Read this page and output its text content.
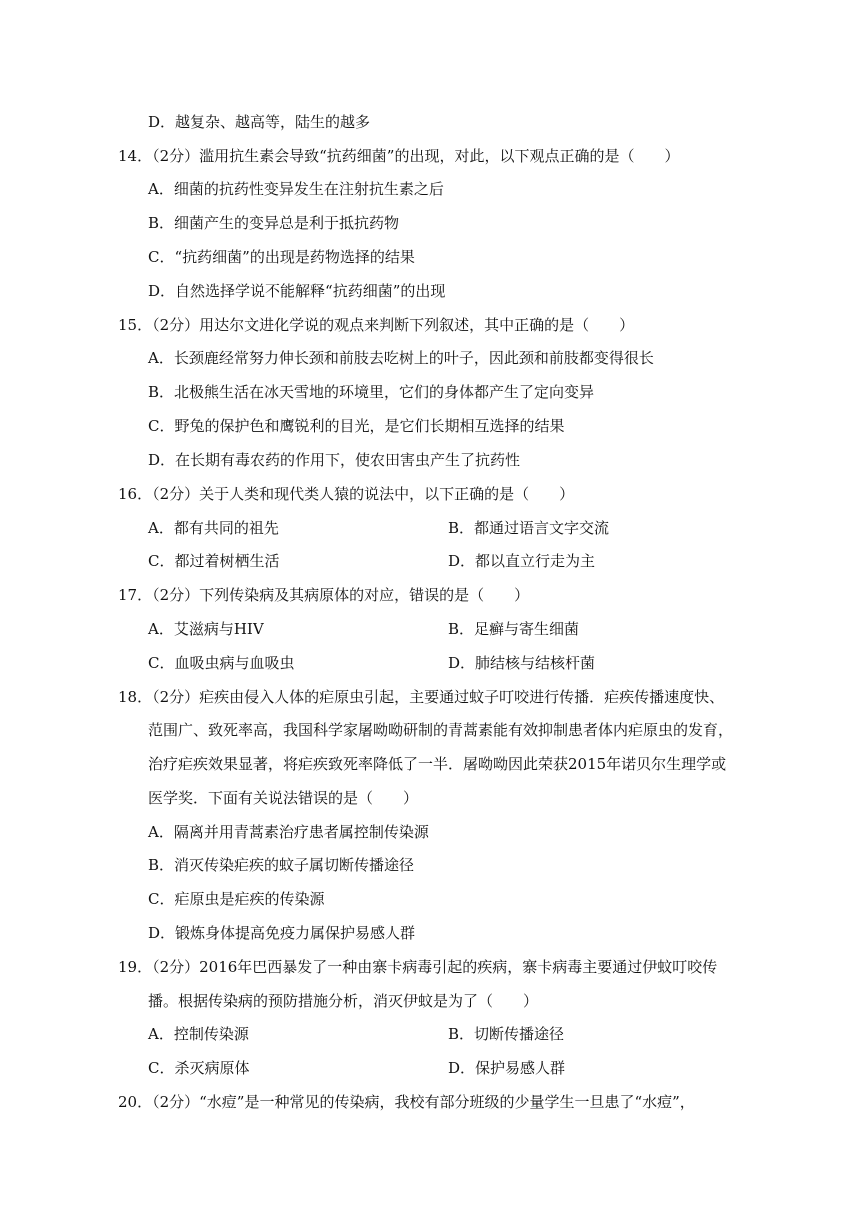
D．越复杂、越高等，陆生的越多
14．（2分）滥用抗生素会导致“抗药细菌”的出现，对此，以下观点正确的是（　　）
A．细菌的抗药性变异发生在注射抗生素之后
B．细菌产生的变异总是利于抵抗药物
C．“抗药细菌”的出现是药物选择的结果
D．自然选择学说不能解释“抗药细菌”的出现
15．（2分）用达尔文进化学说的观点来判断下列叙述，其中正确的是（　　）
A．长颈鹿经常努力伸长颈和前肢去吃树上的叶子，因此颈和前肢都变得很长
B．北极熊生活在冰天雪地的环境里，它们的身体都产生了定向变异
C．野兔的保护色和鹰锐利的目光，是它们长期相互选择的结果
D．在长期有毒农药的作用下，使农田害虫产生了抗药性
16．（2分）关于人类和现代类人猿的说法中，以下正确的是（　　）
A．都有共同的祖先	B．都通过语言文字交流
C．都过着树栖生活	D．都以直立行走为主
17．（2分）下列传染病及其病原体的对应，错误的是（　　）
A．艾滋病与HIV	B．足癣与寄生细菌
C．血吸虫病与血吸虫	D．肺结核与结核杆菌
18．（2分）疟疾由侵入人体的疟原虫引起，主要通过蚊子叮咬进行传播．疟疾传播速度快、
范围广、致死率高，我国科学家屠呦呦研制的青蒿素能有效抑制患者体内疟原虫的发育，
治疗疟疾效果显著，将疟疾致死率降低了一半．屠呦呦因此荣获2015年诺贝尔生理学或
医学奖．下面有关说法错误的是（　　）
A．隔离并用青蒿素治疗患者属控制传染源
B．消灭传染疟疾的蚊子属切断传播途径
C．疟原虫是疟疾的传染源
D．锻炼身体提高免疫力属保护易感人群
19．（2分）2016年巴西暴发了一种由寨卡病毒引起的疾病，寨卡病毒主要通过伊蚊叮咬传
播。根据传染病的预防措施分析，消灭伊蚊是为了（　　）
A．控制传染源	B．切断传播途径
C．杀灭病原体	D．保护易感人群
20．（2分）“水痘”是一种常见的传染病，我校有部分班级的少量学生一旦患了“水痘”，
